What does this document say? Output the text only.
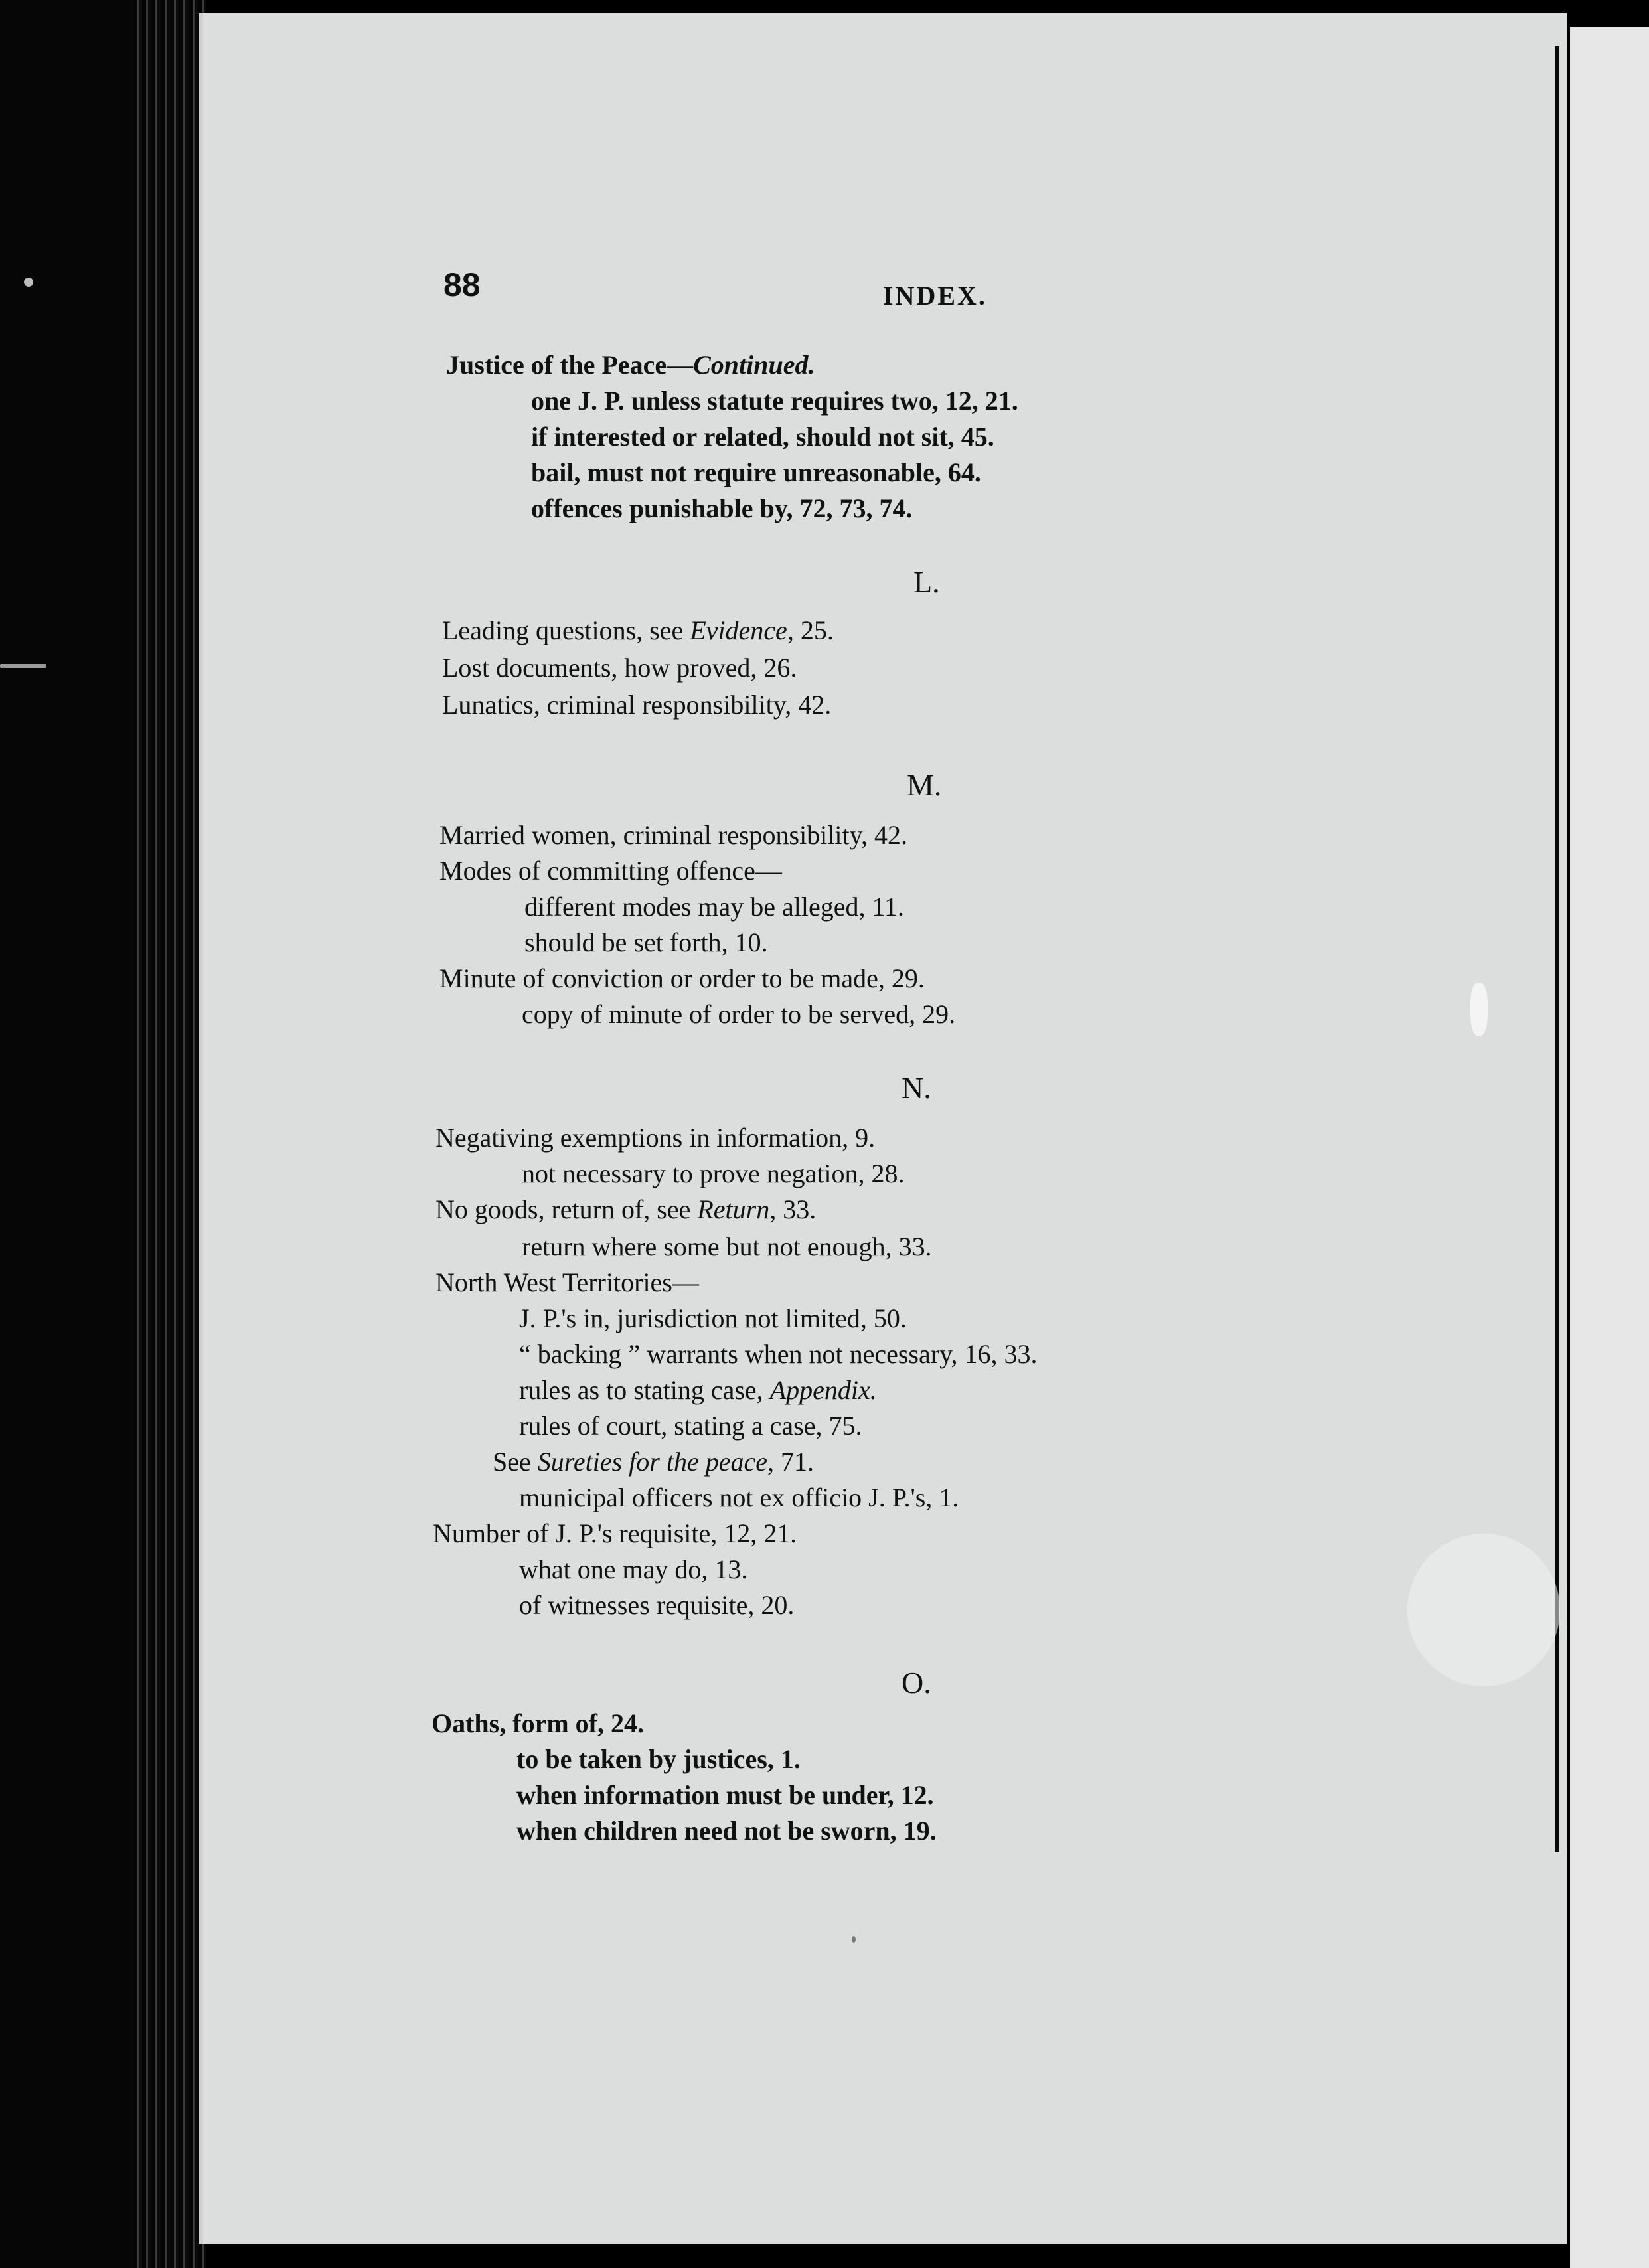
88	INDEX.
Justice of the Peace—Continued.
one J. P. unless statute requires two, 12, 21.
if interested or related, should not sit, 45.
bail, must not require unreasonable, 64.
offences punishable by, 72, 73, 74.
L.
Leading questions, see Evidence, 25.
Lost documents, how proved, 26.
Lunatics, criminal responsibility, 42.
M.
Married women, criminal responsibility, 42.
Modes of committing offence—
different modes may be alleged, 11.
should be set forth, 10.
Minute of conviction or order to be made, 29.
copy of minute of order to be served, 29.
N.
Negativing exemptions in information, 9.
not necessary to prove negation, 28.
No goods, return of, see Return, 33.
return where some but not enough, 33.
North West Territories—
J. P.'s in, jurisdiction not limited, 50.
“ backing ” warrants when not necessary, 16, 33.
rules as to stating case, Appendix.
rules of court, stating a case, 75.
See Sureties for the peace, 71.
municipal officers not ex officio J. P.'s, 1.
Number of J. P.'s requisite, 12, 21.
what one may do, 13.
of witnesses requisite, 20.
O.
Oaths, form of, 24.
to be taken by justices, 1.
when information must be under, 12.
when children need not be sworn, 19.
